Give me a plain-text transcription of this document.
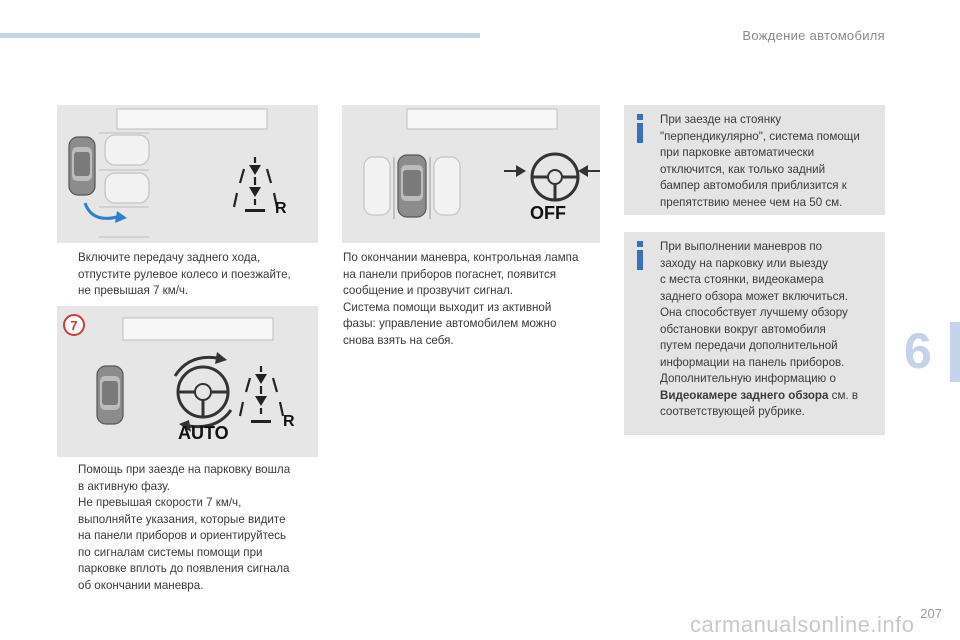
Вождение автомобиля
R

Включите передачу заднего хода,

отпустите рулевое колесо и поезжайте,

не превышая 7 км/ч.

7
AUTO
R

Помощь при заезде на парковку вошла

в активную фазу.

Не превышая скорости 7 км/ч,

выполняйте указания, которые видите

на панели приборов и ориентируйтесь

по сигналам системы помощи при

парковке вплоть до появления сигнала

об окончании маневра.

OFF

По окончании маневра, контрольная лампа

на панели приборов погаснет, появится

сообщение и прозвучит сигнал.

Система помощи выходит из активной

фазы: управление автомобилем можно

снова взять на себя.

При заезде на стоянку

"перпендикулярно", система помощи

при парковке автоматически

отключится, как только задний

бампер автомобиля приблизится к

препятствию менее чем на 50 см.

При выполнении маневров по

заходу на парковку или выезду

с места стоянки, видеокамера

заднего обзора может включиться.

Она способствует лучшему обзору

обстановки вокруг автомобиля

путем передачи дополнительной

информации на панель приборов.

Дополнительную информацию о

Видеокамере заднего обзора см. в

соответствующей рубрике.

6
carmanualsonline.info 207
